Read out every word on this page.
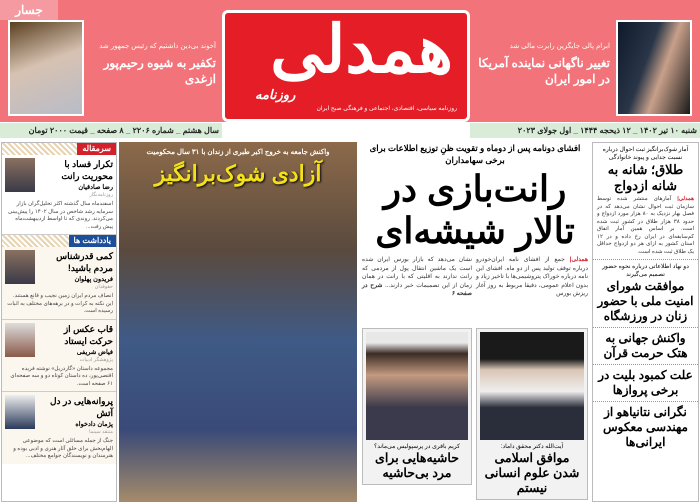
جسار
آخوند بی‌دین داشتیم که رئیس جمهور شد
تکفیر به شیوه رحیم‌پور ازغدی همدلی
روزنامه
روزنامه سیاسی، اقتصادی، اجتماعی و فرهنگی صبح ایران
ابرام پالی جایگزین رابرت مالی شد
تغییر ناگهانی نماینده آمریکا در امور ایران
سال هشتم _ شماره ۲۲۰۶ _ ۸ صفحه _ قیمت ۲۰۰۰ تومان	شنبه ۱۰ تیر ۱۴۰۲ _ ۱۲ ذیحجه ۱۴۴۴ _ اول جولای ۲۰۲۳
سرمقاله
تکرار فساد با محوریت رانت
رضا صادقیان
روزنامه‌نگار
اسفندماه سال گذشته اکثر تحلیل‌گران بازار سرمایه رشد شاخص در سال ۱۴۰۲ را پیش‌بینی می‌کردند. روندی که تا اواسط اردیبهشت‌ماه پیش رفت...
یادداشت ها
کمی قدرشناس مردم باشید!
فریدون پهلوان
حقوقدان
انصاف مردم ایران زمین نجیب و قانع هستند. این نکته به کرات و در برهه‌های مختلف به اثبات رسیده است.
قاب عکس از حرکت ایستاد
فیاض شریفی
پژوهشگر ادبیات
مجموعه داستان «گاردریل» نوشته فریده اقتصی‌پور، ده داستان کوتاه دو و سه صفحه‌ای ۶۱ صفحه است.
پروانه‌هایی در دل آتش
پژمان دادخواه
منتقد سینما
جنگ از جمله مسائلی است که موضوعی الهام‌بخش برای خلق آثار هنری و ادبی بوده و هنرمندان و نویسندگان جوامع مختلف...
واکنش جامعه به خروج اکبر طبری از زندان با ۳۱ سال محکومیت
آزادی شوک‌برانگیز
افشای دونامه پس از دوماه و تقویت ظنِ توزیع اطلاعات برای برخی سهامداران
رانت‌بازی در تالار شیشه‌ای
همدلی| جمع از افشای نامه ایران‌خودرو درباره توقف تولید پس از دو ماه. افشای این نامه درباره خوراک پتروشیمی‌ها با تاخیر زیاد و بدون اعلام عمومی، دقیقا مربوط به روز آغاز ریزش بورس
نشان می‌دهد که بازار بورس ایران شده است یک ماشین انتقال پول از مردمی که رانت ندارند به اقلیتی که با رانت در همان زمان از این تصمیمات خبر دارند... شرح در صفحه ۶
آیت‌الله دکتر محقق داماد:
موافق اسلامی شدن علوم انسانی نیستم
کریم باقری در پرسپولیس می‌ماند؟
حاشیه‌هایی برای مرد بی‌حاشیه
آمار شوک‌برانگیز ثبت احوال درباره نسبت جدایی و پیوند خانوادگی
طلاق؛ شانه به شانه ازدواج
همدلی| آمارهای منتشر شده توسط سازمان ثبت احوال نشان می‌دهد که در فصل بهار نزدیک به ۸۰ هزار مورد ازدواج و حدود ۳۸ هزار طلاق در کشور ثبت شده است. بر اساس همین آمار اتفاق کم‌سابقه‌ای در ایران رخ داده و در ۱۲ استان کشور به ازای هر دو ازدواج حداقل یک طلاق ثبت شده است.
دو نهاد اطلاعاتی درباره نحوه حضور تصمیم می‌گیرند
موافقت شورای امنیت ملی با حضور زنان در ورزشگاه
واکنش جهانی به هتک حرمت قرآن
علت کمبود بلیت در برخی پروازها
نگرانی نتانیاهو از مهندسی معکوس ایرانی‌ها
